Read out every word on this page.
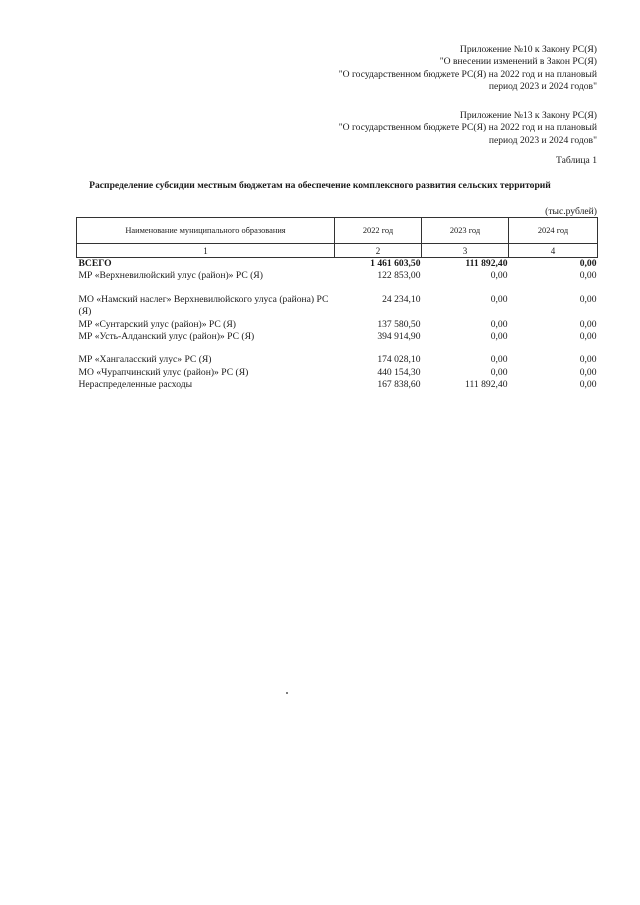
Приложение №10 к Закону РС(Я)
"О внесении изменений в Закон РС(Я)
"О государственном бюджете РС(Я) на 2022 год и на плановый
период 2023 и 2024 годов"
Приложение №13 к Закону РС(Я)
"О государственном бюджете РС(Я) на 2022 год и на плановый
период 2023 и 2024 годов"
Таблица 1
Распределение субсидии местным бюджетам на обеспечение комплексного развития сельских территорий
(тыс.рублей)
Наименование муниципального образования	2022 год	2023 год	2024 год
1	2	3	4
ВСЕГО	1 461 603,50	111 892,40	0,00
МР «Верхневилюйский улус (район)» РС (Я)	122 853,00	0,00	0,00

МО «Намский наслег» Верхневилюйского улуса (района) РС (Я)	24 234,10	0,00	0,00
МР «Сунтарский улус (район)» РС (Я)	137 580,50	0,00	0,00
МР «Усть-Алданский улус (район)» РС (Я)	394 914,90	0,00	0,00

МР «Хангаласский улус» РС (Я)	174 028,10	0,00	0,00
МО «Чурапчинский улус (район)» РС (Я)	440 154,30	0,00	0,00
Нераспределенные расходы	167 838,60	111 892,40	0,00
